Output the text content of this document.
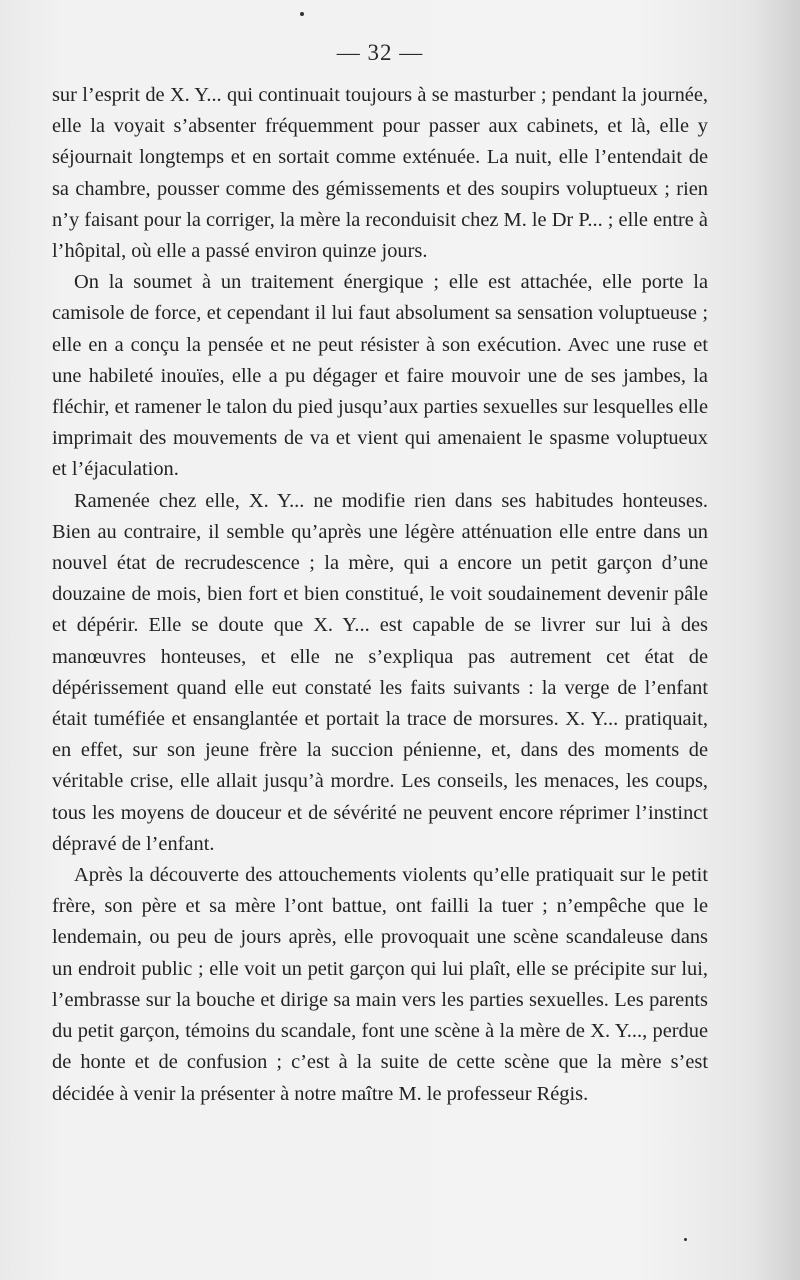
— 32 —

sur l’esprit de X. Y... qui continuait toujours à se masturber ; pendant la journée, elle la voyait s’absenter fréquemment pour passer aux cabinets, et là, elle y séjournait longtemps et en sortait comme exténuée. La nuit, elle l’entendait de sa chambre, pousser comme des gémissements et des soupirs voluptueux ; rien n’y faisant pour la corriger, la mère la reconduisit chez M. le Dr P... ; elle entre à l’hôpital, où elle a passé environ quinze jours.

On la soumet à un traitement énergique ; elle est attachée, elle porte la camisole de force, et cependant il lui faut absolument sa sensation voluptueuse ; elle en a conçu la pensée et ne peut résister à son exécution. Avec une ruse et une habileté inouïes, elle a pu dégager et faire mouvoir une de ses jambes, la fléchir, et ramener le talon du pied jusqu’aux parties sexuelles sur lesquelles elle imprimait des mouvements de va et vient qui amenaient le spasme voluptueux et l’éjaculation.

Ramenée chez elle, X. Y... ne modifie rien dans ses habitudes honteuses. Bien au contraire, il semble qu’après une légère atténuation elle entre dans un nouvel état de recrudescence ; la mère, qui a encore un petit garçon d’une douzaine de mois, bien fort et bien constitué, le voit soudainement devenir pâle et dépérir. Elle se doute que X. Y... est capable de se livrer sur lui à des manœuvres honteuses, et elle ne s’expliqua pas autrement cet état de dépérissement quand elle eut constaté les faits suivants : la verge de l’enfant était tuméfiée et ensanglantée et portait la trace de morsures. X. Y... pratiquait, en effet, sur son jeune frère la succion pénienne, et, dans des moments de véritable crise, elle allait jusqu’à mordre. Les conseils, les menaces, les coups, tous les moyens de douceur et de sévérité ne peuvent encore réprimer l’instinct dépravé de l’enfant.

Après la découverte des attouchements violents qu’elle pratiquait sur le petit frère, son père et sa mère l’ont battue, ont failli la tuer ; n’empêche que le lendemain, ou peu de jours après, elle provoquait une scène scandaleuse dans un endroit public ; elle voit un petit garçon qui lui plaît, elle se précipite sur lui, l’embrasse sur la bouche et dirige sa main vers les parties sexuelles. Les parents du petit garçon, témoins du scandale, font une scène à la mère de X. Y..., perdue de honte et de confusion ; c’est à la suite de cette scène que la mère s’est décidée à venir la présenter à notre maître M. le professeur Régis.
